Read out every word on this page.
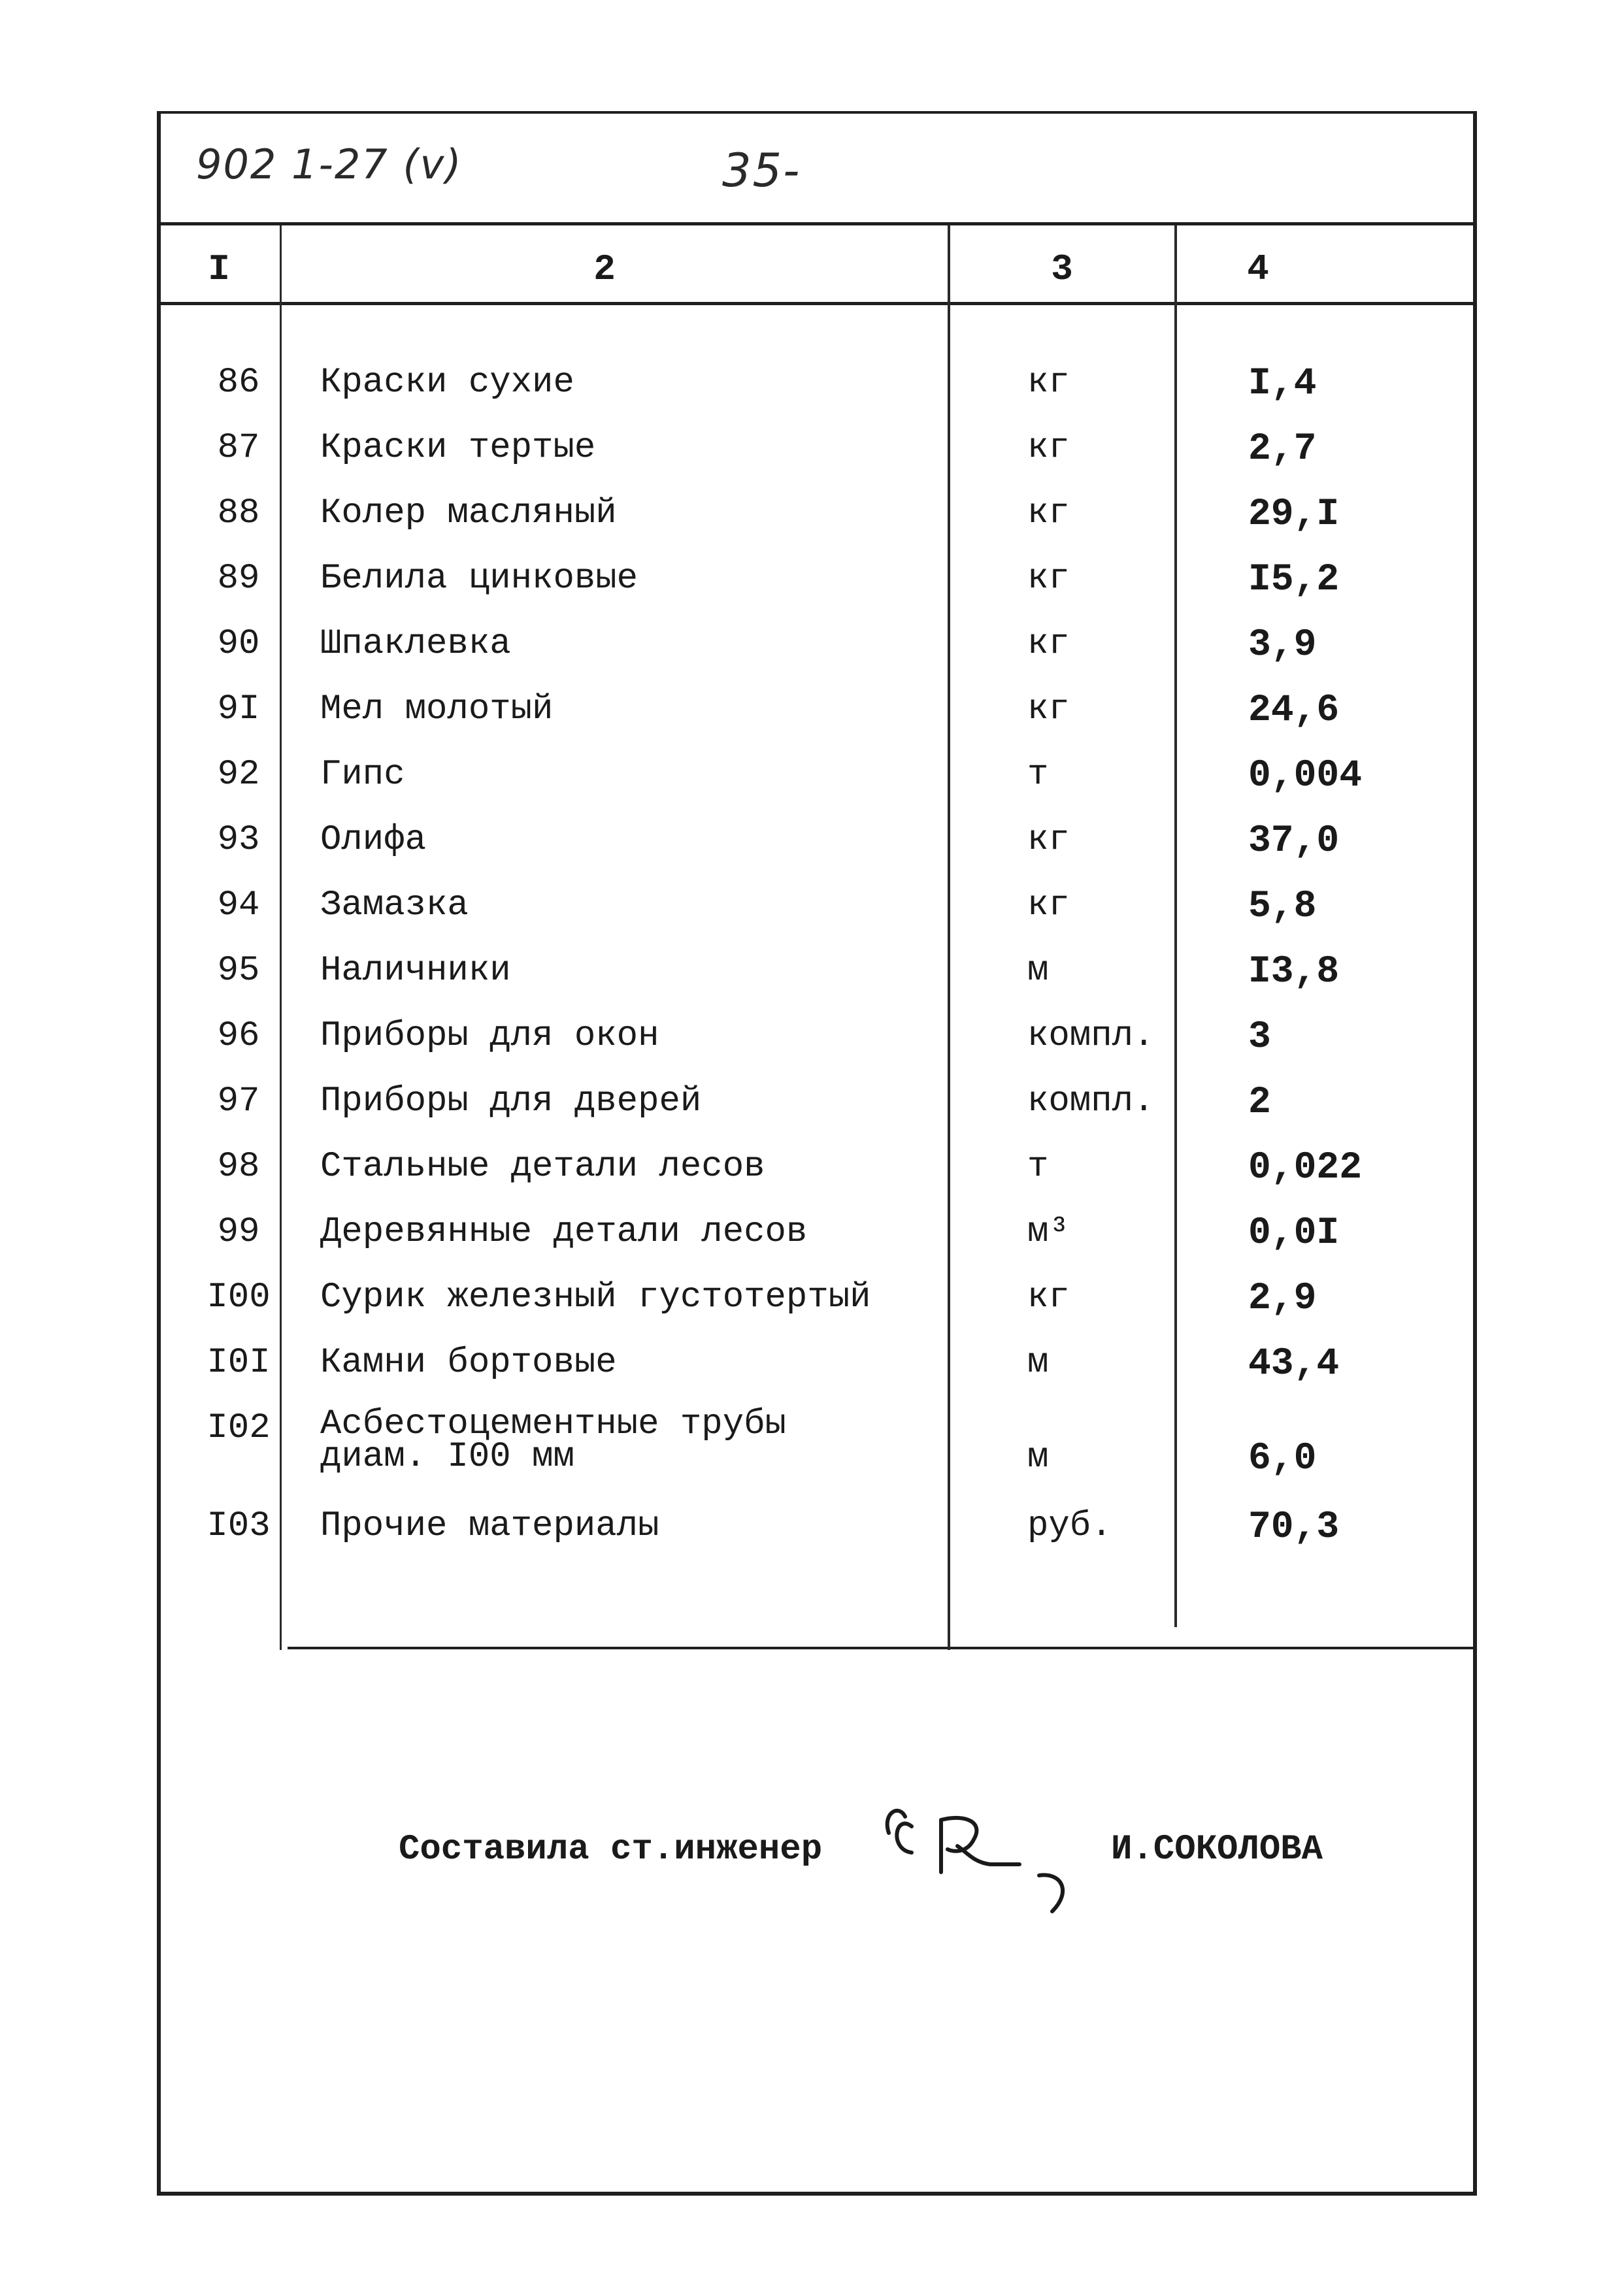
902 1-27 (v)	35-
I	2	3	4
86	Краски сухие	кг	I,4
87	Краски тертые	кг	2,7
88	Колер масляный	кг	29,I
89	Белила цинковые	кг	I5,2
90	Шпаклевка	кг	3,9
9I	Мел молотый	кг	24,6
92	Гипс	т	0,004
93	Олифа	кг	37,0
94	Замазка	кг	5,8
95	Наличники	м	I3,8
96	Приборы для окон	компл. 3
97	Приборы для дверей	компл. 2
98	Стальные детали лесов	т	0,022
99	Деревянные детали лесов	м³	0,0I
I00	Сурик железный густотертый	кг	2,9
I0I	Камни бортовые	м	43,4
I02	Асбестоцементные трубы
диам. I00 мм	м	6,0
I03	Прочие материалы	руб.	70,3
Составила ст.инженер	И.СОКОЛОВА
